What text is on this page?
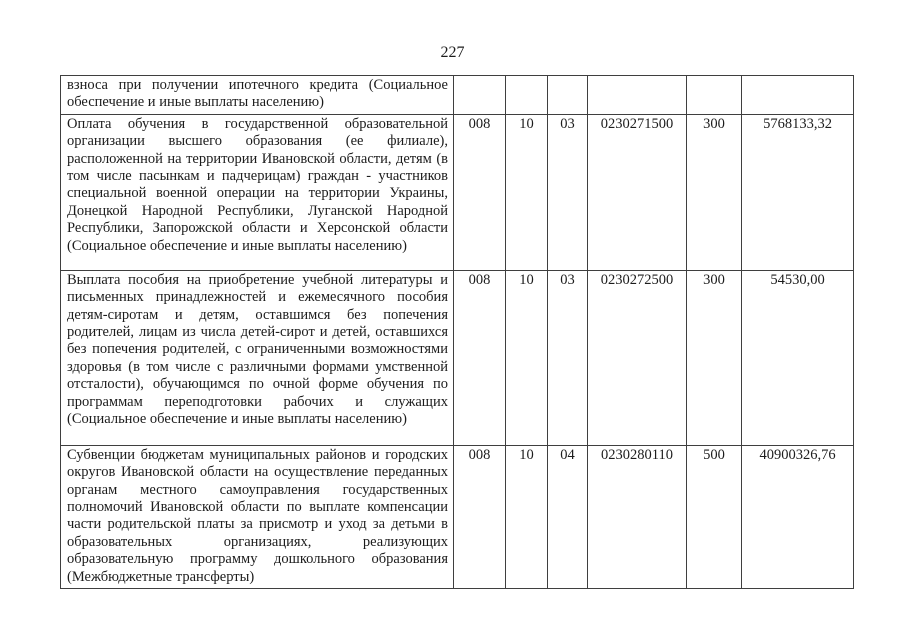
227
взноса при получении ипотечного кредита (Социальное обеспечение и иные выплаты населению)						
Оплата обучения в государственной образовательной организации высшего образования (ее филиале), расположенной на территории Ивановской области, детям (в том числе пасынкам и падчерицам) граждан - участников специальной военной операции на территории Украины, Донецкой Народной Республики, Луганской Народной Республики, Запорожской области и Херсонской области (Социальное обеспечение и иные выплаты населению)	008	10	03	0230271500	300	5768133,32
Выплата пособия на приобретение учебной литературы и письменных принадлежностей и ежемесячного пособия детям-сиротам и детям, оставшимся без попечения родителей, лицам из числа детей-сирот и детей, оставшихся без попечения родителей, с ограниченными возможностями здоровья (в том числе с различными формами умственной отсталости), обучающимся по очной форме обучения по программам переподготовки рабочих и служащих (Социальное обеспечение и иные выплаты населению)	008	10	03	0230272500	300	54530,00
Субвенции бюджетам муниципальных районов и городских округов Ивановской области на осуществление переданных органам местного самоуправления государственных полномочий Ивановской области по выплате компенсации части родительской платы за присмотр и уход за детьми в образовательных организациях, реализующих образовательную программу дошкольного образования (Межбюджетные трансферты)	008	10	04	0230280110	500	40900326,76
